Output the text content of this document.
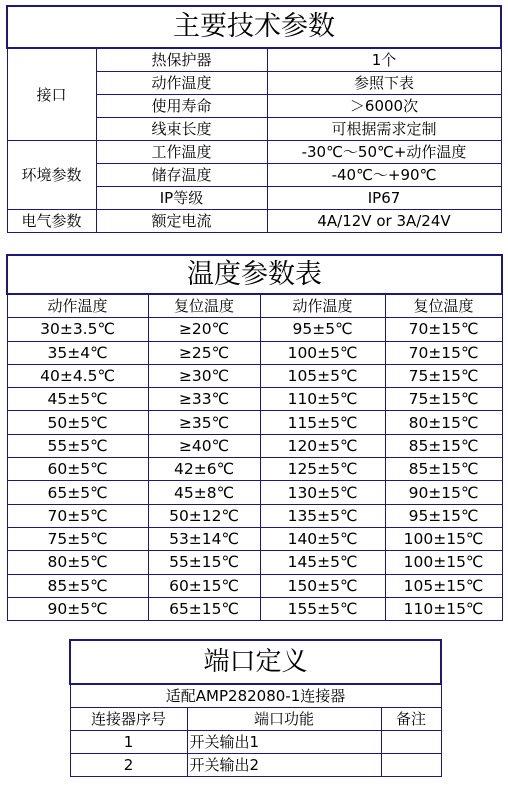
主要技术参数		
接口	热保护器	1个
	动作温度	参照下表
	使用寿命	＞6000次
	线束长度	可根据需求定制
环境参数	工作温度	-30℃～50℃+动作温度
	储存温度	-40℃～+90℃
	IP等级	IP67
电气参数	额定电流	4A/12V or 3A/24V
温度参数表			
动作温度	复位温度	动作温度	复位温度
30±3.5℃	≥20℃	95±5℃	70±15℃
35±4℃	≥25℃	100±5℃	70±15℃
40±4.5℃	≥30℃	105±5℃	75±15℃
45±5℃	≥33℃	110±5℃	75±15℃
50±5℃	≥35℃	115±5℃	80±15℃
55±5℃	≥40℃	120±5℃	85±15℃
60±5℃	42±6℃	125±5℃	85±15℃
65±5℃	45±8℃	130±5℃	90±15℃
70±5℃	50±12℃	135±5℃	95±15℃
75±5℃	53±14℃	140±5℃	100±15℃
80±5℃	55±15℃	145±5℃	100±15℃
85±5℃	60±15℃	150±5℃	105±15℃
90±5℃	65±15℃	155±5℃	110±15℃
端口定义		
适配AMP282080-1连接器		
连接器序号	端口功能	备注
1	开关输出1	
2	开关输出2	
